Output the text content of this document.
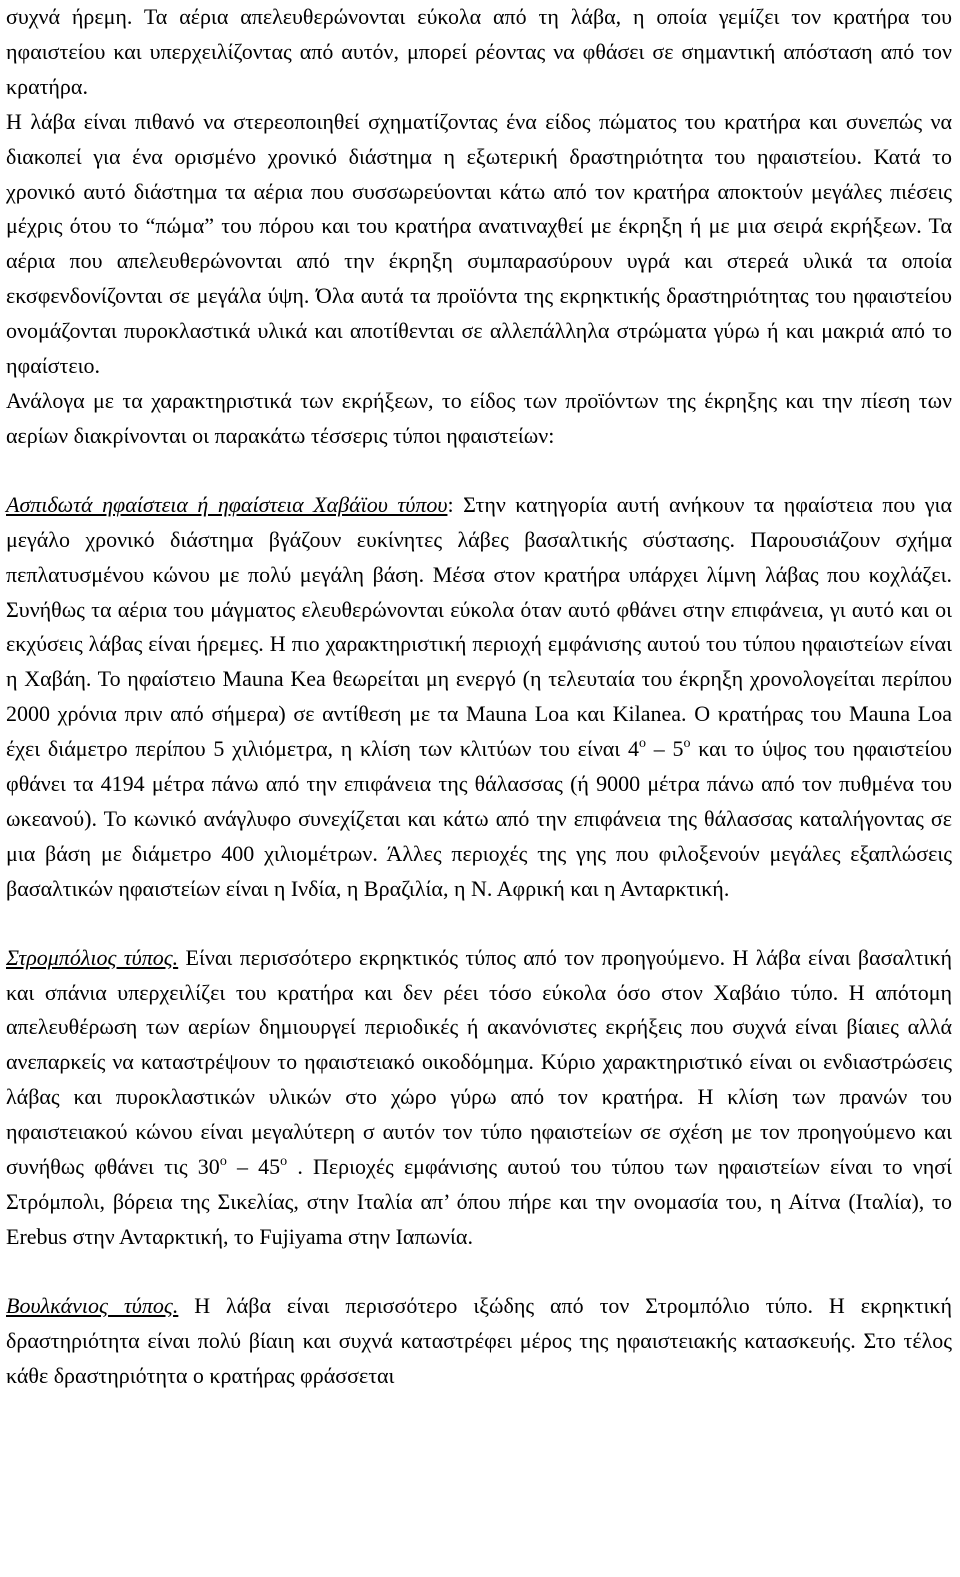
συχνά ήρεμη. Τα αέρια απελευθερώνονται εύκολα από τη λάβα, η οποία γεμίζει τον κρατήρα του ηφαιστείου και υπερχειλίζοντας από αυτόν, μπορεί ρέοντας να φθάσει σε σημαντική απόσταση από τον κρατήρα.

Η λάβα είναι πιθανό να στερεοποιηθεί σχηματίζοντας ένα είδος πώματος του κρατήρα και συνεπώς να διακοπεί για ένα ορισμένο χρονικό διάστημα η εξωτερική δραστηριότητα του ηφαιστείου. Κατά το χρονικό αυτό διάστημα τα αέρια που συσσωρεύονται κάτω από τον κρατήρα αποκτούν μεγάλες πιέσεις μέχρις ότου το “πώμα” του πόρου και του κρατήρα ανατιναχθεί με έκρηξη ή με μια σειρά εκρήξεων. Τα αέρια που απελευθερώνονται από την έκρηξη συμπαρασύρουν υγρά και στερεά υλικά τα οποία εκσφενδονίζονται σε μεγάλα ύψη. Όλα αυτά τα προϊόντα της εκρηκτικής δραστηριότητας του ηφαιστείου ονομάζονται πυροκλαστικά υλικά και αποτίθενται σε αλλεπάλληλα στρώματα γύρω ή και μακριά από το ηφαίστειο.

Ανάλογα με τα χαρακτηριστικά των εκρήξεων, το είδος των προϊόντων της έκρηξης και την πίεση των αερίων διακρίνονται οι παρακάτω τέσσερις τύποι ηφαιστείων:

Ασπιδωτά ηφαίστεια ή ηφαίστεια Χαβάϊου τύπου: Στην κατηγορία αυτή ανήκουν τα ηφαίστεια που για μεγάλο χρονικό διάστημα βγάζουν ευκίνητες λάβες βασαλτικής σύστασης. Παρουσιάζουν σχήμα πεπλατυσμένου κώνου με πολύ μεγάλη βάση. Μέσα στον κρατήρα υπάρχει λίμνη λάβας που κοχλάζει. Συνήθως τα αέρια του μάγματος ελευθερώνονται εύκολα όταν αυτό φθάνει στην επιφάνεια, γι αυτό και οι εκχύσεις λάβας είναι ήρεμες. Η πιο χαρακτηριστική περιοχή εμφάνισης αυτού του τύπου ηφαιστείων είναι η Χαβάη. Το ηφαίστειο Mauna Kea θεωρείται μη ενεργό (η τελευταία του έκρηξη χρονολογείται περίπου 2000 χρόνια πριν από σήμερα) σε αντίθεση με τα Mauna Loa και Kilanea. Ο κρατήρας του Mauna Loa έχει διάμετρο περίπου 5 χιλιόμετρα, η κλίση των κλιτύων του είναι $4^o - 5^o$ και το ύψος του ηφαιστείου φθάνει τα 4194 μέτρα πάνω από την επιφάνεια της θάλασσας (ή 9000 μέτρα πάνω από τον πυθμένα του ωκεανού). Το κωνικό ανάγλυφο συνεχίζεται και κάτω από την επιφάνεια της θάλασσας καταλήγοντας σε μια βάση με διάμετρο 400 χιλιομέτρων. Άλλες περιοχές της γης που φιλοξενούν μεγάλες εξαπλώσεις βασαλτικών ηφαιστείων είναι η Ινδία, η Βραζιλία, η Ν. Αφρική και η Ανταρκτική.

Στρομπόλιος τύπος. Είναι περισσότερο εκρηκτικός τύπος από τον προηγούμενο. Η λάβα είναι βασαλτική και σπάνια υπερχειλίζει του κρατήρα και δεν ρέει τόσο εύκολα όσο στον Χαβάιο τύπο. Η απότομη απελευθέρωση των αερίων δημιουργεί περιοδικές ή ακανόνιστες εκρήξεις που συχνά είναι βίαιες αλλά ανεπαρκείς να καταστρέψουν το ηφαιστειακό οικοδόμημα. Κύριο χαρακτηριστικό είναι οι ενδιαστρώσεις λάβας και πυροκλαστικών υλικών στο χώρο γύρω από τον κρατήρα. Η κλίση των πρανών του ηφαιστειακού κώνου είναι μεγαλύτερη σ αυτόν τον τύπο ηφαιστείων σε σχέση με τον προηγούμενο και συνήθως φθάνει τις $30^o - 45^o$ . Περιοχές εμφάνισης αυτού του τύπου των ηφαιστείων είναι το νησί Στρόμπολι, βόρεια της Σικελίας, στην Ιταλία απ’ όπου πήρε και την ονομασία του, η Αίτνα (Ιταλία), το Erebus στην Ανταρκτική, το Fujiyama στην Ιαπωνία.

Βουλκάνιος τύπος. Η λάβα είναι περισσότερο ιξώδης από τον Στρομπόλιο τύπο. Η εκρηκτική δραστηριότητα είναι πολύ βίαιη και συχνά καταστρέφει μέρος της ηφαιστειακής κατασκευής. Στο τέλος κάθε δραστηριότητα ο κρατήρας φράσσεται
